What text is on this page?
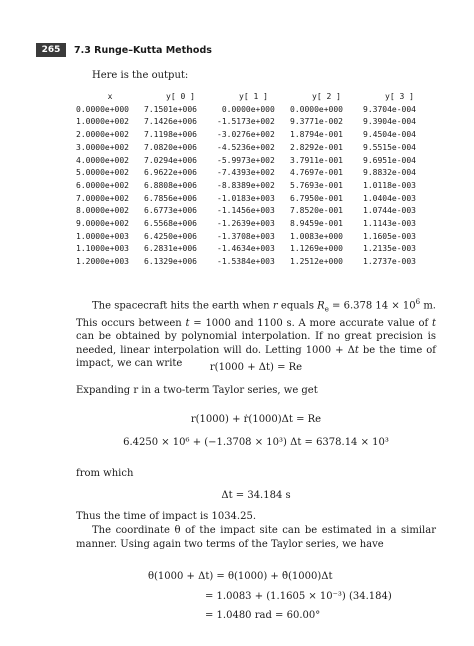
265	7.3 Runge–Kutta Methods

Here is the output:

x	y[ 0 ]	y[ 1 ]	y[ 2 ]	y[ 3 ]
0.0000e+000	7.1501e+006	0.0000e+000	0.0000e+000	9.3704e-004
1.0000e+002	7.1426e+006	-1.5173e+002	9.3771e-002	9.3904e-004
2.0000e+002	7.1198e+006	-3.0276e+002	1.8794e-001	9.4504e-004
3.0000e+002	7.0820e+006	-4.5236e+002	2.8292e-001	9.5515e-004
4.0000e+002	7.0294e+006	-5.9973e+002	3.7911e-001	9.6951e-004
5.0000e+002	6.9622e+006	-7.4393e+002	4.7697e-001	9.8832e-004
6.0000e+002	6.8808e+006	-8.8389e+002	5.7693e-001	1.0118e-003
7.0000e+002	6.7856e+006	-1.0183e+003	6.7950e-001	1.0404e-003
8.0000e+002	6.6773e+006	-1.1456e+003	7.8520e-001	1.0744e-003
9.0000e+002	6.5568e+006	-1.2639e+003	8.9459e-001	1.1143e-003
1.0000e+003	6.4250e+006	-1.3708e+003	1.0083e+000	1.1605e-003
1.1000e+003	6.2831e+006	-1.4634e+003	1.1269e+000	1.2135e-003
1.2000e+003	6.1329e+006	-1.5384e+003	1.2512e+000	1.2737e-003

The spacecraft hits the earth when r equals $R_e = 6.378$ $14 \times 10^6$ m. This occurs between t = 1000 and 1100 s. A more accurate value of t can be obtained by polynomial interpolation. If no great precision is needed, linear interpolation will do. Letting 1000 + Δt be the time of impact, we can write	r(1000 + Δt) = Re

Expanding r in a two-term Taylor series, we get

r(1000) + ṙ(1000)Δt = Re
6.4250 × 10⁶ + (−1.3708 × 10³) Δt = 6378.14 × 10³

from which

Δt = 34.184 s

Thus the time of impact is 1034.25.

The coordinate θ of the impact site can be estimated in a similar manner. Using again two terms of the Taylor series, we have

θ(1000 + Δt) = θ(1000) + θ̇(1000)Δt
= 1.0083 + (1.1605 × 10⁻³) (34.184)
= 1.0480 rad = 60.00°
